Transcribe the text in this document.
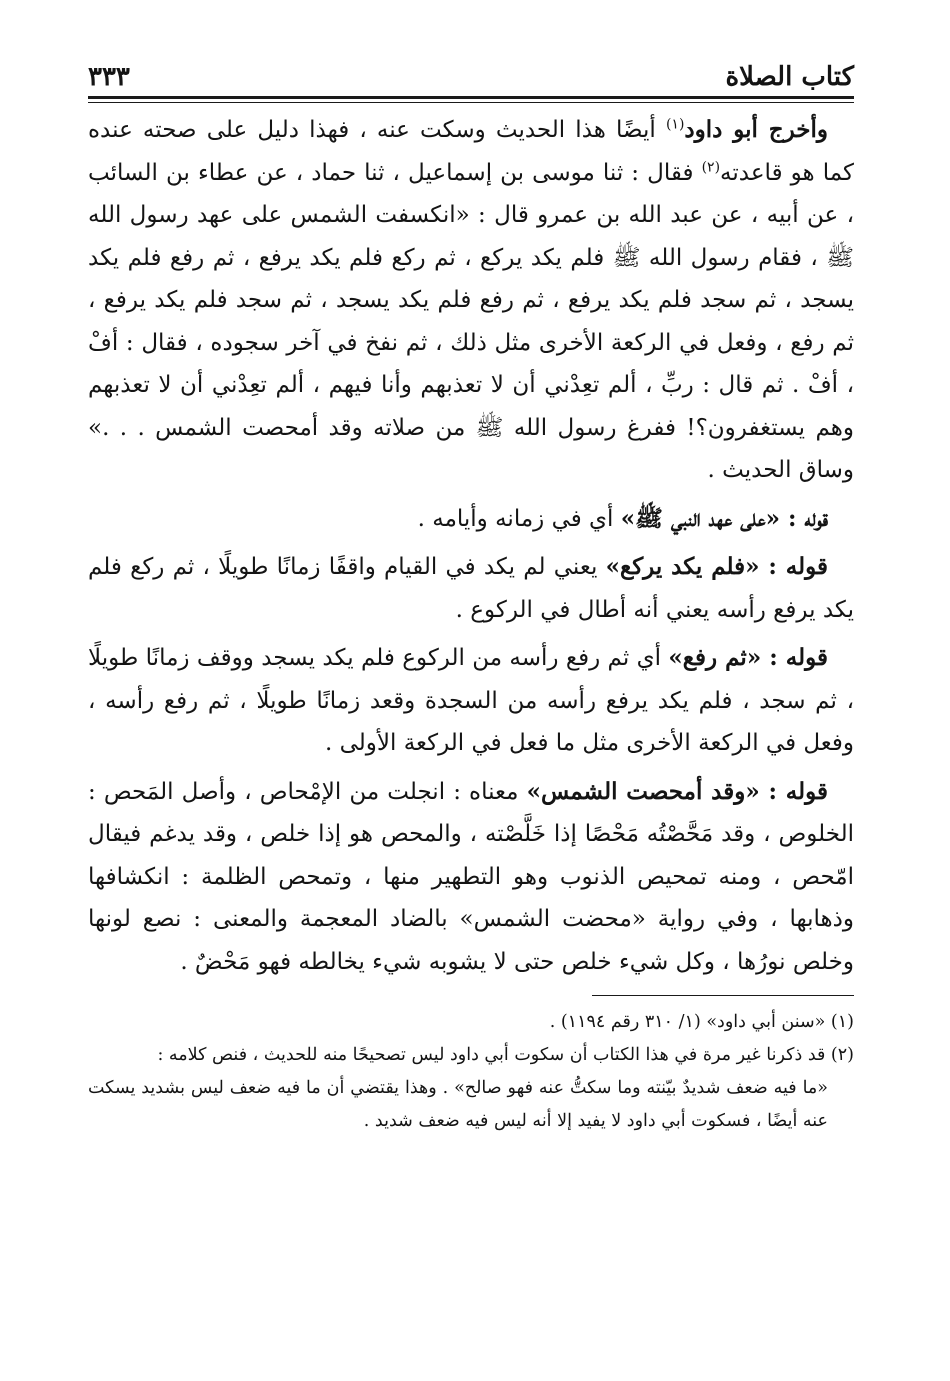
كتاب الصلاة
٣٣٣

وأخرج أبو داود$^{(١)}$ أيضًا هذا الحديث وسكت عنه ، فهذا دليل على صحته عنده كما هو قاعدته$^{(٢)}$ فقال : ثنا موسى بن إسماعيل ، ثنا حماد ، عن عطاء بن السائب ، عن أبيه ، عن عبد الله بن عمرو قال : «انكسفت الشمس على عهد رسول الله ﷺ ، فقام رسول الله ﷺ فلم يكد يركع ، ثم ركع فلم يكد يرفع ، ثم رفع فلم يكد يسجد ، ثم سجد فلم يكد يرفع ، ثم رفع فلم يكد يسجد ، ثم سجد فلم يكد يرفع ، ثم رفع ، وفعل في الركعة الأخرى مثل ذلك ، ثم نفخ في آخر سجوده ، فقال : أفْ ، أفْ . ثم قال : ربِّ ، ألم تعِدْني أن لا تعذبهم وأنا فيهم ، ألم تعِدْني أن لا تعذبهم وهم يستغفرون؟! ففرغ رسول الله ﷺ من صلاته وقد أمحصت الشمس . . .» وساق الحديث .

قوله : «على عهد النبي ﷺ» أي في زمانه وأيامه .

قوله : «فلم يكد يركع» يعني لم يكد في القيام واقفًا زمانًا طويلًا ، ثم ركع فلم يكد يرفع رأسه يعني أنه أطال في الركوع .

قوله : «ثم رفع» أي ثم رفع رأسه من الركوع فلم يكد يسجد ووقف زمانًا طويلًا ، ثم سجد ، فلم يكد يرفع رأسه من السجدة وقعد زمانًا طويلًا ، ثم رفع رأسه ، وفعل في الركعة الأخرى مثل ما فعل في الركعة الأولى .

قوله : «وقد أمحصت الشمس» معناه : انجلت من الإمْحاص ، وأصل المَحص : الخلوص ، وقد مَحَّصْتُه مَحْصًا إذا خَلَّصْته ، والمحص هو إذا خلص ، وقد يدغم فيقال امّحص ، ومنه تمحيص الذنوب وهو التطهير منها ، وتمحص الظلمة : انكشافها وذهابها ، وفي رواية «محضت الشمس» بالضاد المعجمة والمعنى : نصع لونها وخلص نورُها ، وكل شيء خلص حتى لا يشوبه شيء يخالطه فهو مَحْضٌ .

(١) «سنن أبي داود» (١/ ٣١٠ رقم ١١٩٤) .

(٢) قد ذكرنا غير مرة في هذا الكتاب أن سكوت أبي داود ليس تصحيحًا منه للحديث ، فنص كلامه :

«ما فيه ضعف شديدٌ بيّنته وما سكتُّ عنه فهو صالح» . وهذا يقتضي أن ما فيه ضعف ليس بشديد يسكت عنه أيضًا ، فسكوت أبي داود لا يفيد إلا أنه ليس فيه ضعف شديد .
